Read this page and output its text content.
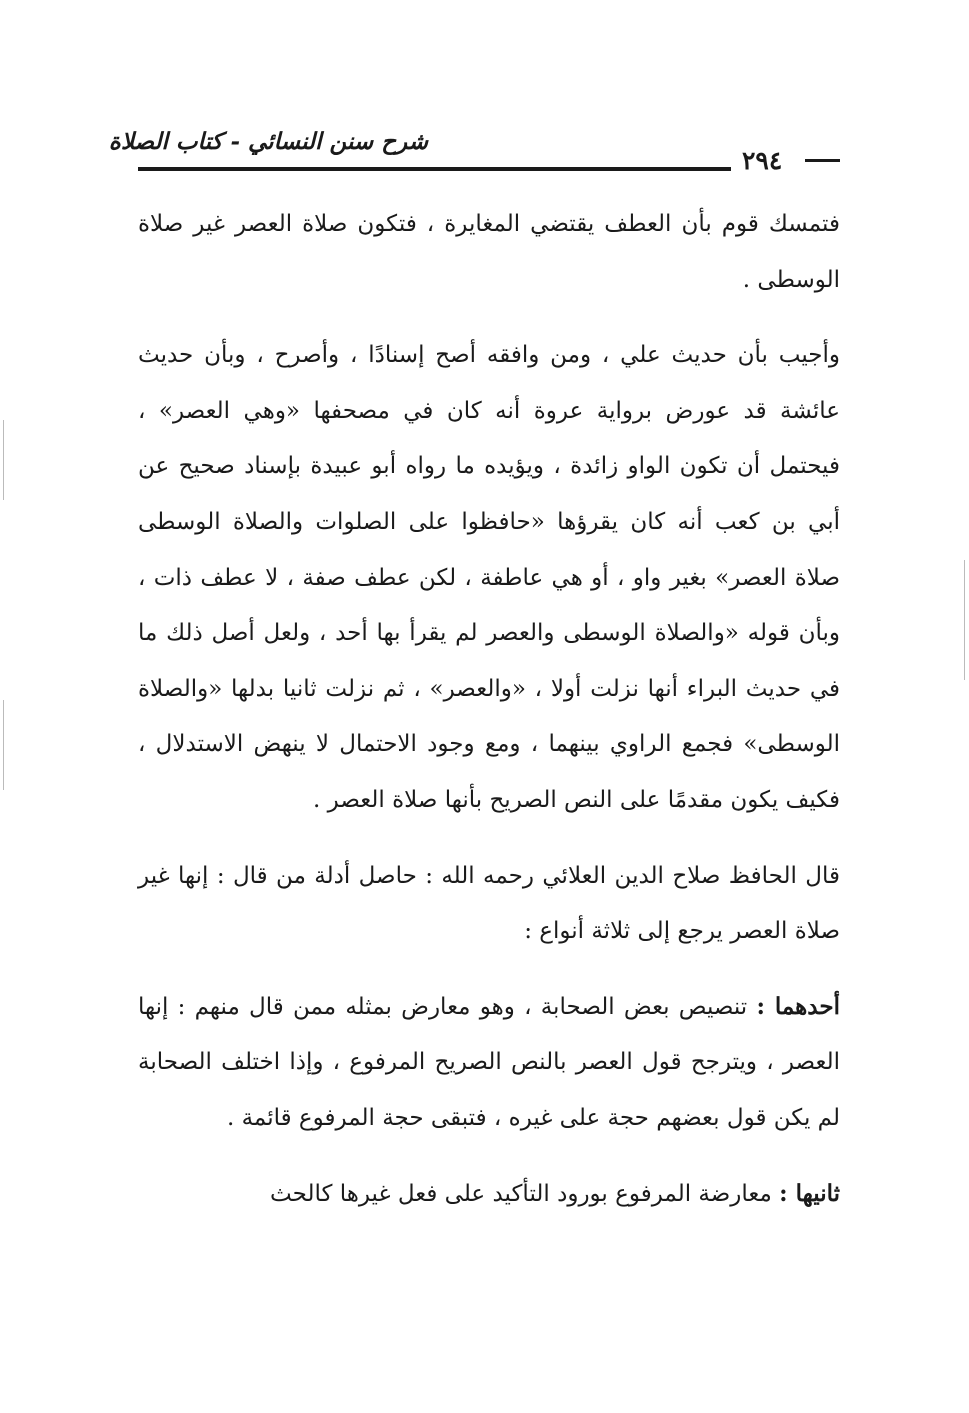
شرح سنن النسائي - كتاب الصلاة
٢٩٤

فتمسك قوم بأن العطف يقتضي المغايرة ، فتكون صلاة العصر غير صلاة الوسطى .

وأجيب بأن حديث علي ، ومن وافقه أصح إسنادًا ، وأصرح ، وبأن حديث عائشة قد عورض برواية عروة أنه كان في مصحفها «وهي العصر» ، فيحتمل أن تكون الواو زائدة ، ويؤيده ما رواه أبو عبيدة بإسناد صحيح عن أبي بن كعب أنه كان يقرؤها «حافظوا على الصلوات والصلاة الوسطى صلاة العصر» بغير واو ، أو هي عاطفة ، لكن عطف صفة ، لا عطف ذات ، وبأن قوله «والصلاة الوسطى والعصر لم يقرأ بها أحد ، ولعل أصل ذلك ما في حديث البراء أنها نزلت أولا ، «والعصر» ، ثم نزلت ثانيا بدلها «والصلاة الوسطى» فجمع الراوي بينهما ، ومع وجود الاحتمال لا ينهض الاستدلال ، فكيف يكون مقدمًا على النص الصريح بأنها صلاة العصر .

قال الحافظ صلاح الدين العلائي رحمه الله : حاصل أدلة من قال : إنها غير صلاة العصر يرجع إلى ثلاثة أنواع :

أحدهما : تنصيص بعض الصحابة ، وهو معارض بمثله ممن قال منهم : إنها العصر ، ويترجح قول العصر بالنص الصريح المرفوع ، وإذا اختلف الصحابة لم يكن قول بعضهم حجة على غيره ، فتبقى حجة المرفوع قائمة .

ثانيها : معارضة المرفوع بورود التأكيد على فعل غيرها كالحث
